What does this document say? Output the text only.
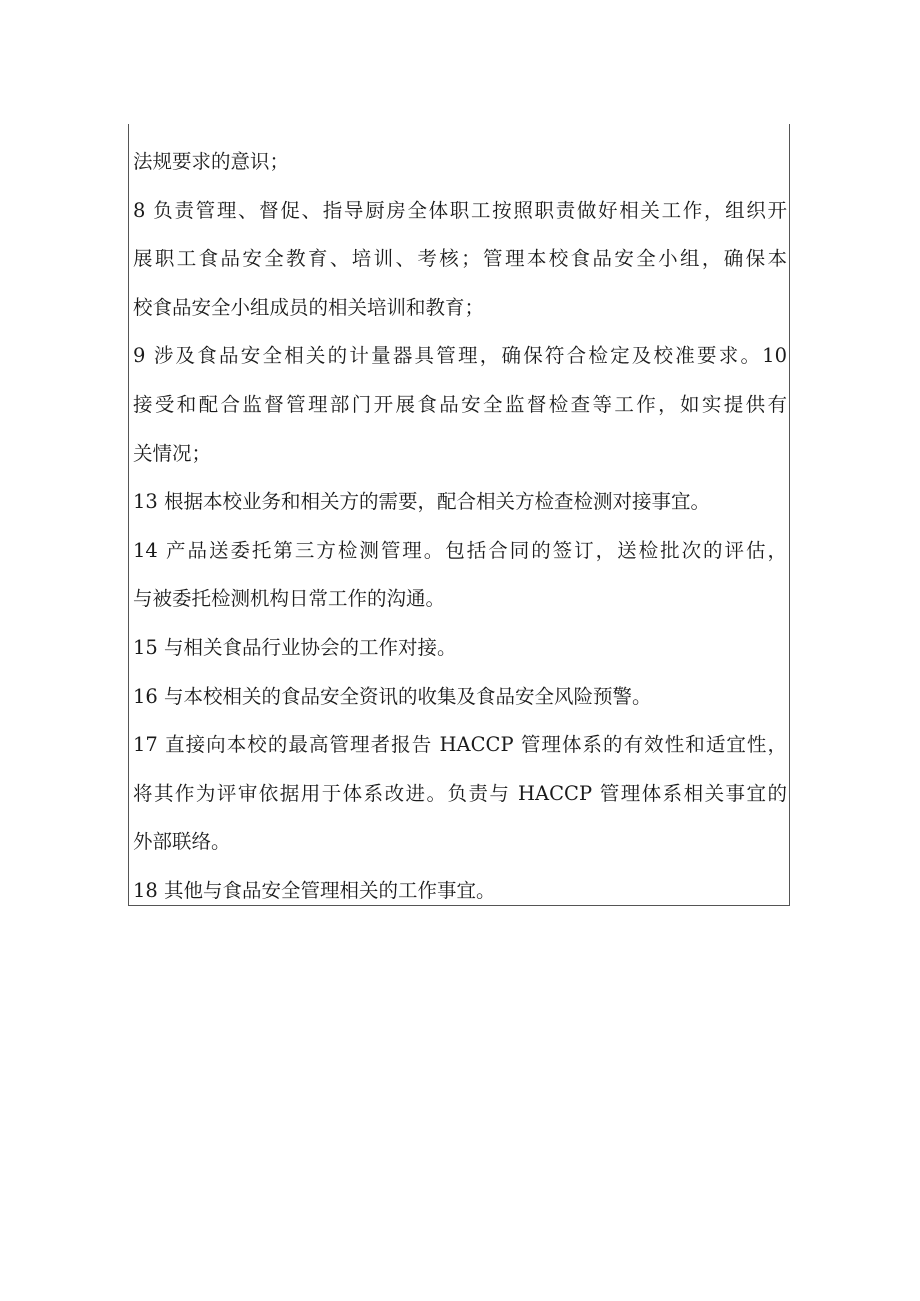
法规要求的意识；
8 负责管理、督促、指导厨房全体职工按照职责做好相关工作，组织开
展职工食品安全教育、培训、考核；管理本校食品安全小组，确保本
校食品安全小组成员的相关培训和教育；
9 涉及食品安全相关的计量器具管理，确保符合检定及校准要求。10
接受和配合监督管理部门开展食品安全监督检查等工作，如实提供有
关情况；
13 根据本校业务和相关方的需要，配合相关方检查检测对接事宜。
14 产品送委托第三方检测管理。包括合同的签订，送检批次的评估，
与被委托检测机构日常工作的沟通。
15 与相关食品行业协会的工作对接。
16 与本校相关的食品安全资讯的收集及食品安全风险预警。
17 直接向本校的最高管理者报告 HACCP 管理体系的有效性和适宜性，
将其作为评审依据用于体系改进。负责与 HACCP 管理体系相关事宜的
外部联络。
18 其他与食品安全管理相关的工作事宜。
